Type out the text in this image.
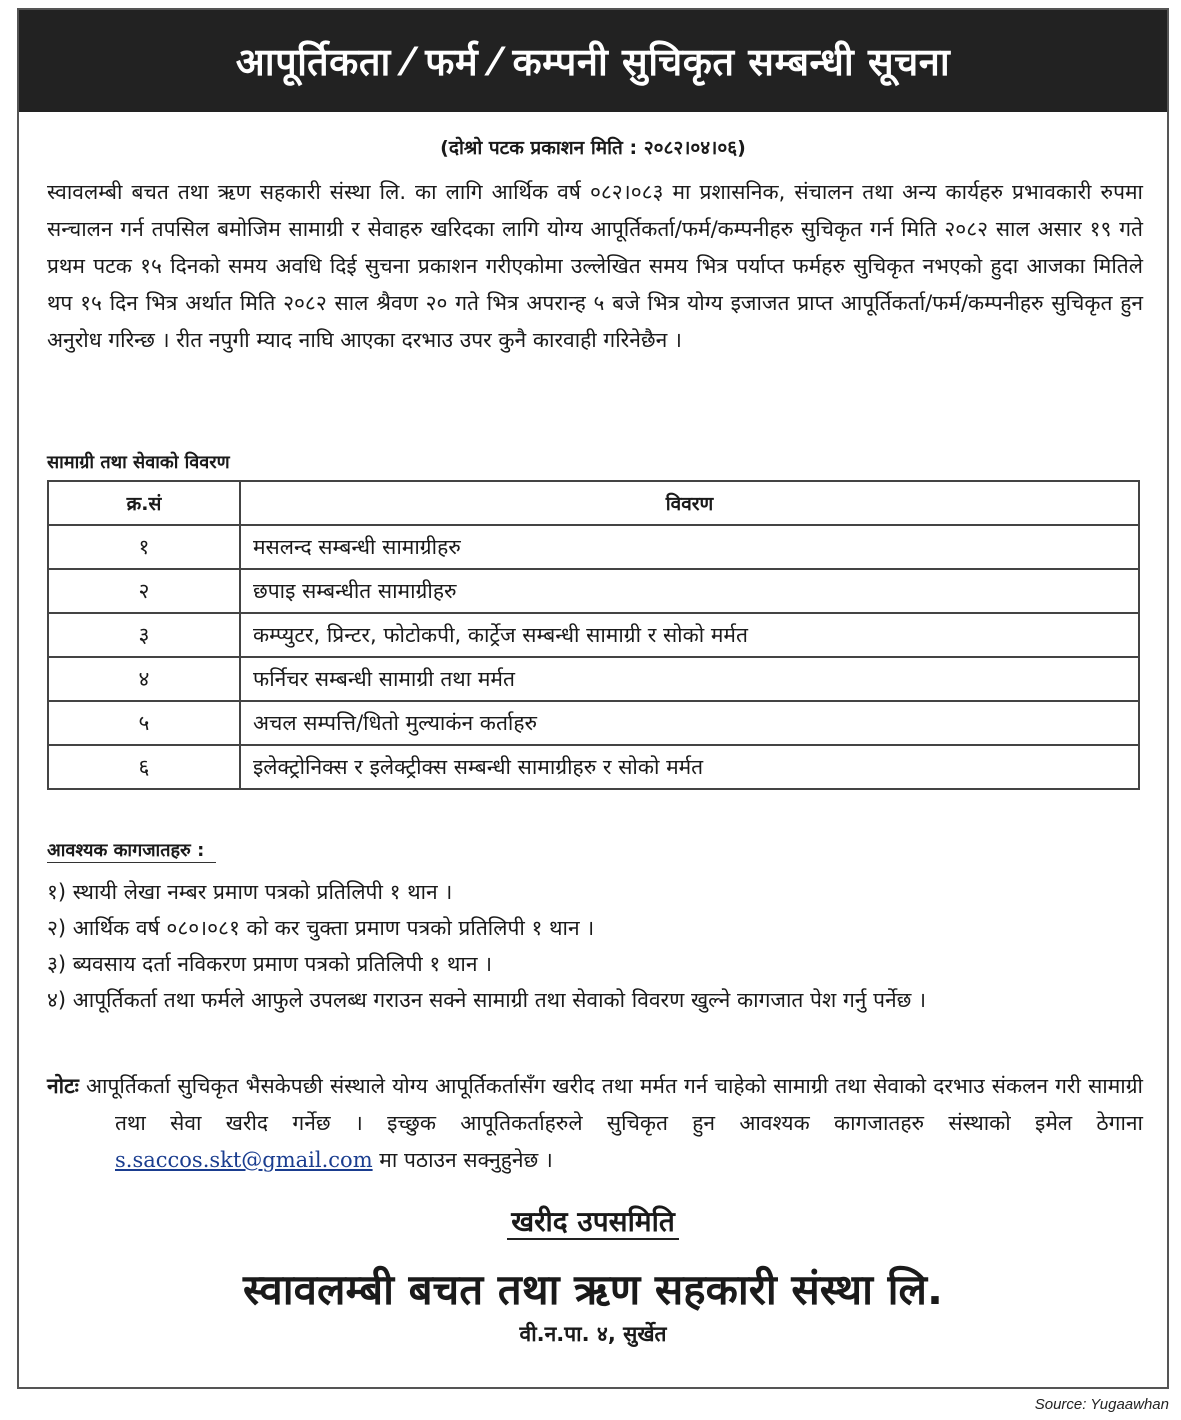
आपूर्तिकता ⁄ फर्म ⁄ कम्पनी सुचिकृत सम्बन्धी सूचना
(दोश्रो पटक प्रकाशन मिति : २०८२।०४।०६)

स्वावलम्बी बचत तथा ऋण सहकारी संस्था लि. का लागि आर्थिक वर्ष ०८२।०८३ मा प्रशासनिक, संचालन तथा अन्य कार्यहरु प्रभावकारी रुपमा सन्चालन गर्न तपसिल बमोजिम सामाग्री र सेवाहरु खरिदका लागि योग्य आपूर्तिकर्ता/फर्म/कम्पनीहरु सुचिकृत गर्न मिति २०८२ साल असार १९ गते प्रथम पटक १५ दिनको समय अवधि दिई सुचना प्रकाशन गरीएकोमा उल्लेखित समय भित्र पर्याप्त फर्महरु सुचिकृत नभएको हुदा आजका मितिले थप १५ दिन भित्र अर्थात मिति २०८२ साल श्रैवण २० गते भित्र अपरान्ह ५ बजे भित्र योग्य इजाजत प्राप्त आपूर्तिकर्ता/फर्म/कम्पनीहरु सुचिकृत हुन अनुरोध गरिन्छ । रीत नपुगी म्याद नाघि आएका दरभाउ उपर कुनै कारवाही गरिनेछैन ।

सामाग्री तथा सेवाको विवरण
क्र.सं	विवरण
१	मसलन्द सम्बन्धी सामाग्रीहरु
२	छपाइ सम्बन्धीत सामाग्रीहरु
३	कम्प्युटर, प्रिन्टर, फोटोकपी, कार्ट्रेज सम्बन्धी सामाग्री र सोको मर्मत
४	फर्निचर सम्बन्धी सामाग्री तथा मर्मत
५	अचल सम्पत्ति/धितो मुल्याकंन कर्ताहरु
६	इलेक्ट्रोनिक्स र इलेक्ट्रीक्स सम्बन्धी सामाग्रीहरु र सोको मर्मत
आवश्यक कागजातहरु :
१) स्थायी लेखा नम्बर प्रमाण पत्रको प्रतिलिपी १ थान ।
२) आर्थिक वर्ष ०८०।०८१ को कर चुक्ता प्रमाण पत्रको प्रतिलिपी १ थान ।
३) ब्यवसाय दर्ता नविकरण प्रमाण पत्रको प्रतिलिपी १ थान ।
४) आपूर्तिकर्ता तथा फर्मले आफुले उपलब्ध गराउन सक्ने सामाग्री तथा सेवाको विवरण खुल्ने कागजात पेश गर्नु पर्नेछ ।
नोटः आपूर्तिकर्ता सुचिकृत भैसकेपछी संस्थाले योग्य आपूर्तिकर्तासँग खरीद तथा मर्मत गर्न चाहेको सामाग्री तथा सेवाको दरभाउ संकलन गरी सामाग्री तथा सेवा खरीद गर्नेछ । इच्छुक आपूतिकर्ताहरुले सुचिकृत हुन आवश्यक कागजातहरु संस्थाको इमेल ठेगाना s.saccos.skt@gmail.com मा पठाउन सक्नुहुनेछ ।
खरीद उपसमिति
स्वावलम्बी बचत तथा ऋण सहकारी संस्था लि.
वी.न.पा. ४, सुर्खेत
Source: Yugaawhan
